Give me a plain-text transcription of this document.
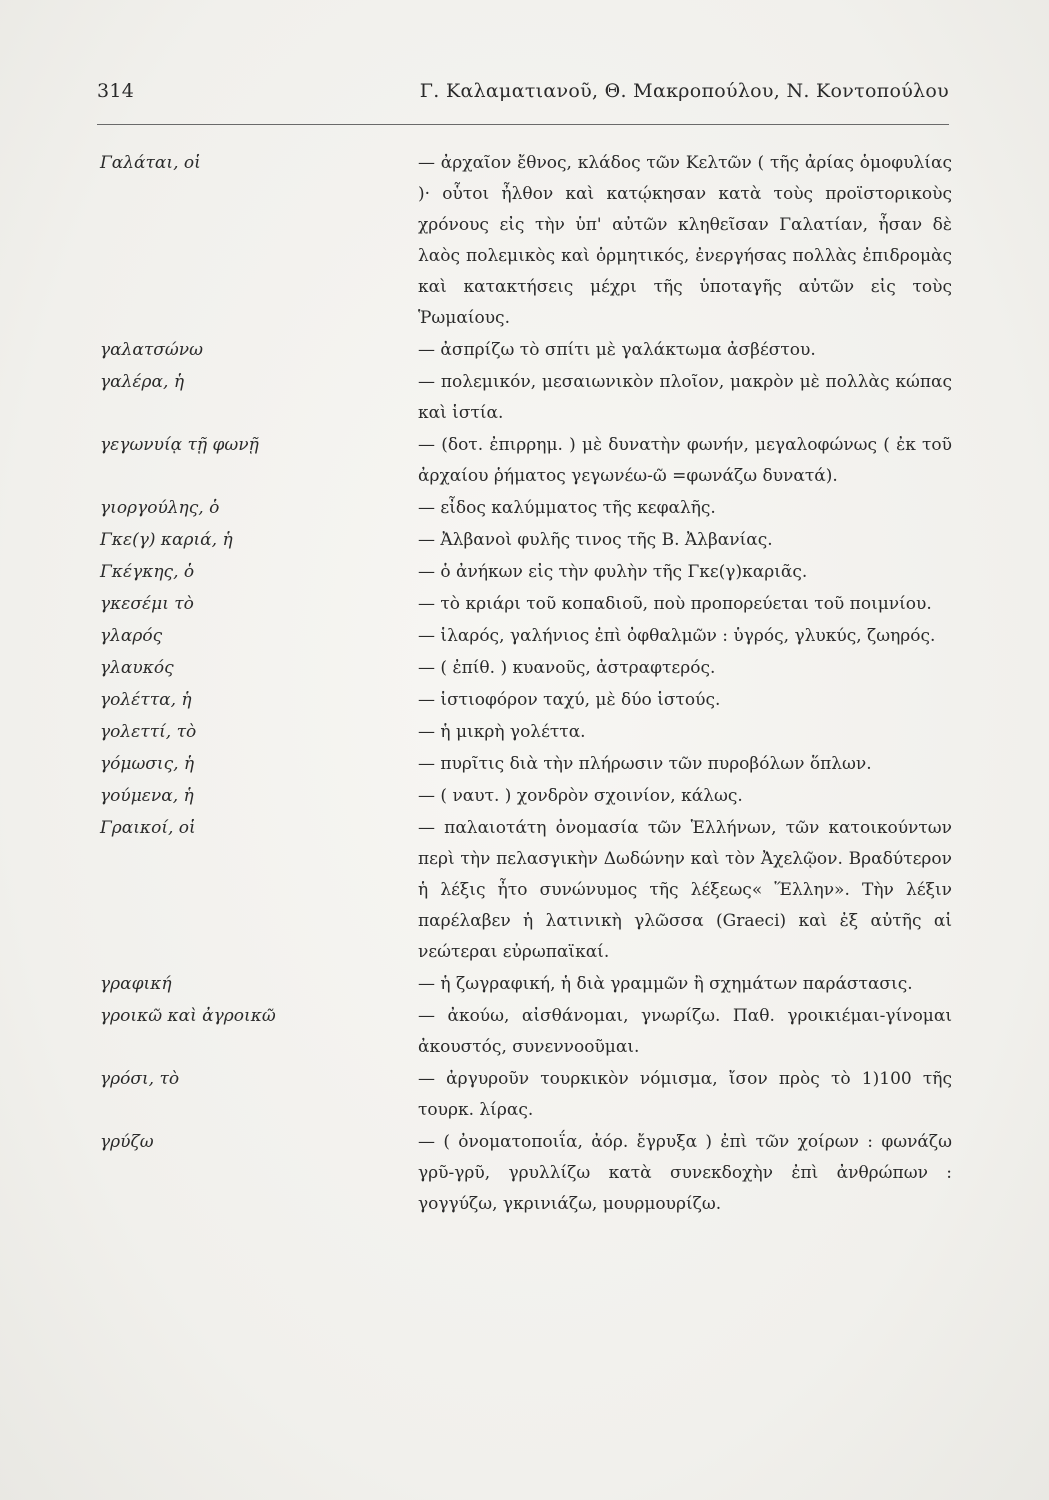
314	Γ. Καλαματιανοῦ, Θ. Μακροπούλου, Ν. Κοντοπούλου
Γαλάται, οἱ	— ἀρχαῖον ἔθνος, κλάδος τῶν Κελτῶν ( τῆς ἀρίας ὁμοφυλίας )· οὗτοι ἦλθον καὶ κατῴκησαν κατὰ τοὺς προϊστορικοὺς χρόνους εἰς τὴν ὑπ' αὐτῶν κληθεῖσαν Γαλατίαν, ἦσαν δὲ λαὸς πολεμικὸς καὶ ὁρμητικός, ἐνεργήσας πολλὰς ἐπιδρομὰς καὶ κατακτήσεις μέχρι τῆς ὑποταγῆς αὐτῶν εἰς τοὺς Ῥωμαίους.
γαλατσώνω	— ἀσπρίζω τὸ σπίτι μὲ γαλάκτωμα ἀσβέστου.
γαλέρα, ἡ	— πολεμικόν, μεσαιωνικὸν πλοῖον, μακρὸν μὲ πολλὰς κώπας καὶ ἱστία.
γεγωνυίᾳ τῇ φωνῇ	— (δοτ. ἐπιρρημ. ) μὲ δυνατὴν φωνήν, μεγαλοφώνως ( ἐκ τοῦ ἀρχαίου ῥήματος γεγωνέω-ῶ =φωνάζω δυνατά).
γιοργούλης, ὁ	— εἶδος καλύμματος τῆς κεφαλῆς.
Γκε(γ) καριά, ἡ	— Ἀλβανοὶ φυλῆς τινος τῆς Β. Ἀλβανίας.
Γκέγκης, ὁ	— ὁ ἀνήκων εἰς τὴν φυλὴν τῆς Γκε(γ)καριᾶς.
γκεσέμι τὸ	— τὸ κριάρι τοῦ κοπαδιοῦ, ποὺ προπορεύεται τοῦ ποιμνίου.
γλαρός	— ἱλαρός, γαλήνιος ἐπὶ ὀφθαλμῶν : ὑγρός, γλυκύς, ζωηρός.
γλαυκός	— ( ἐπίθ. ) κυανοῦς, ἀστραφτερός.
γολέττα, ἡ	— ἱστιοφόρον ταχύ, μὲ δύο ἱστούς.
γολεττί, τὸ	— ἡ μικρὴ γολέττα.
γόμωσις, ἡ	— πυρῖτις διὰ τὴν πλήρωσιν τῶν πυροβόλων ὅπλων.
γούμενα, ἡ	— ( ναυτ. ) χονδρὸν σχοινίον, κάλως.
Γραικοί, οἱ	— παλαιοτάτη ὀνομασία τῶν Ἑλλήνων, τῶν κατοικούντων περὶ τὴν πελασγικὴν Δωδώνην καὶ τὸν Ἀχελῷον. Βραδύτερον ἡ λέξις ἦτο συνώνυμος τῆς λέξεως« Ἕλλην». Τὴν λέξιν παρέλαβεν ἡ λατινικὴ γλῶσσα (Graeci) καὶ ἐξ αὐτῆς αἱ νεώτεραι εὐρωπαϊκαί.
γραφική	— ἡ ζωγραφική, ἡ διὰ γραμμῶν ἢ σχημάτων παράστασις.
γροικῶ καὶ ἀγροικῶ	— ἀκούω, αἰσθάνομαι, γνωρίζω. Παθ. γροικιέμαι-γίνομαι ἀκουστός, συνεννοοῦμαι.
γρόσι, τὸ	— ἀργυροῦν τουρκικὸν νόμισμα, ἴσον πρὸς τὸ 1)100 τῆς τουρκ. λίρας.
γρύζω	— ( ὀνοματοποιΐα, ἀόρ. ἔγρυξα ) ἐπὶ τῶν χοίρων : φωνάζω γρῦ-γρῦ, γρυλλίζω κατὰ συνεκδοχὴν ἐπὶ ἀνθρώπων : γογγύζω, γκρινιάζω, μουρμουρίζω.
